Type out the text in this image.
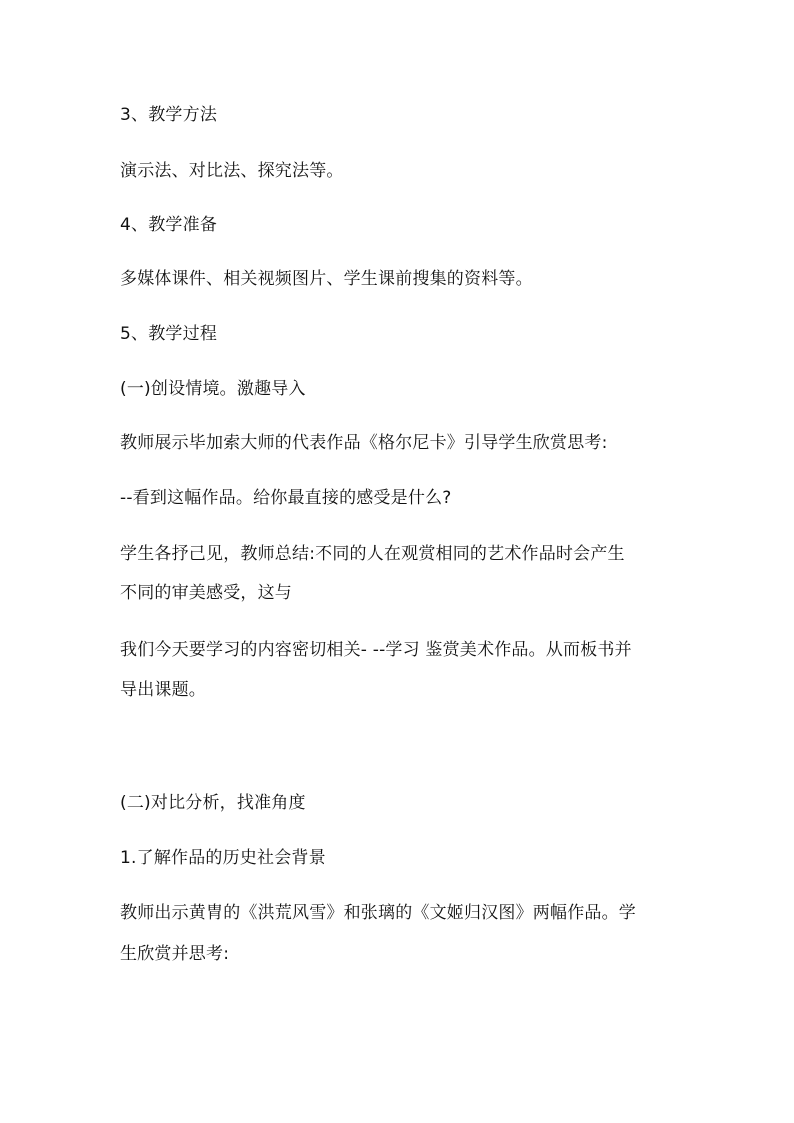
3、教学方法
演示法、对比法、探究法等。
4、教学准备
多媒体课件、相关视频图片、学生课前搜集的资料等。
5、教学过程
(一)创设情境。激趣导入
教师展示毕加索大师的代表作品《格尔尼卡》引导学生欣赏思考:
--看到这幅作品。给你最直接的感受是什么?
学生各抒己见，教师总结:不同的人在观赏相同的艺术作品时会产生
不同的审美感受，这与
我们今天要学习的内容密切相关- --学习 鉴赏美术作品。从而板书并
导出课题。
(二)对比分析，找准角度
1.了解作品的历史社会背景
教师出示黄胄的《洪荒风雪》和张璃的《文姬归汉图》两幅作品。学
生欣赏并思考:
